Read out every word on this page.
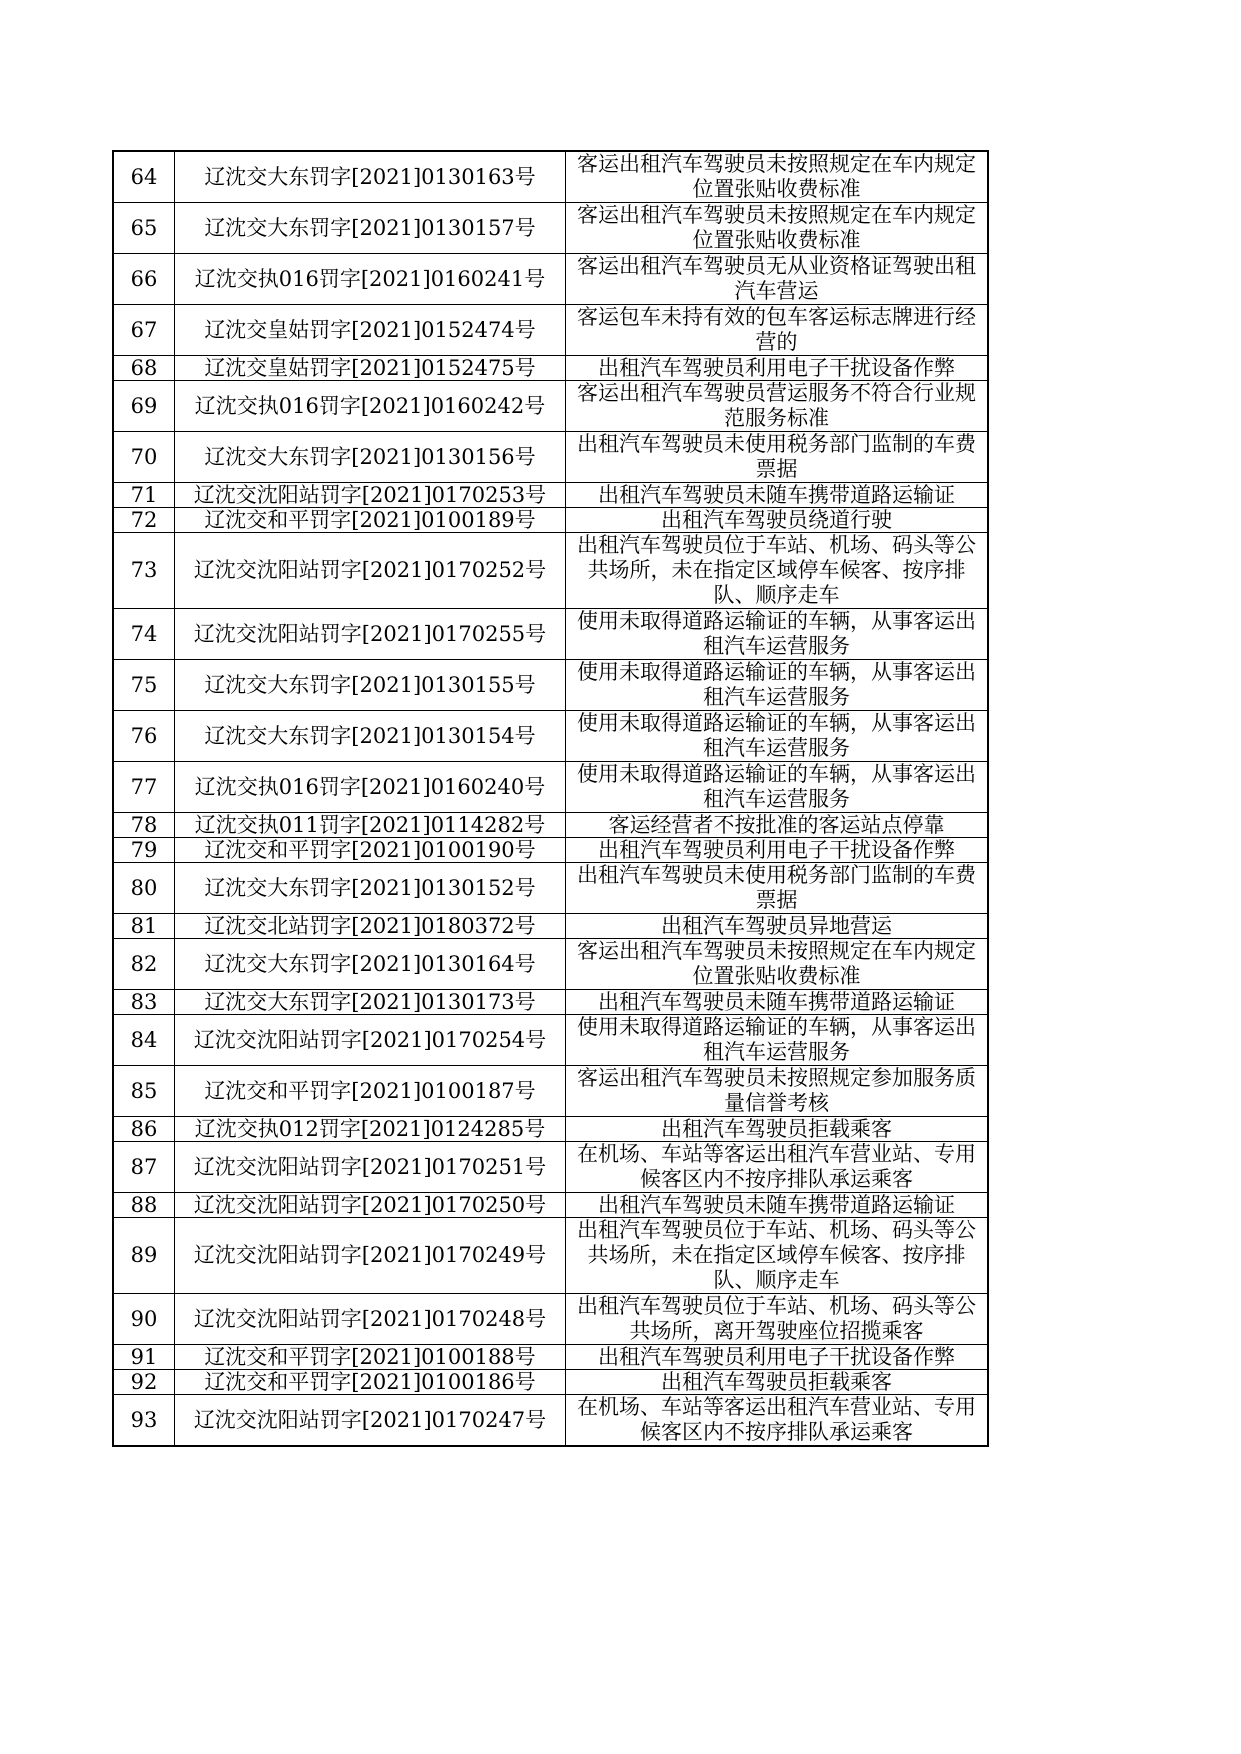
64	辽沈交大东罚字[2021]0130163号	客运出租汽车驾驶员未按照规定在车内规定位置张贴收费标准
65	辽沈交大东罚字[2021]0130157号	客运出租汽车驾驶员未按照规定在车内规定位置张贴收费标准
66	辽沈交执016罚字[2021]0160241号	客运出租汽车驾驶员无从业资格证驾驶出租汽车营运
67	辽沈交皇姑罚字[2021]0152474号	客运包车未持有效的包车客运标志牌进行经营的
68	辽沈交皇姑罚字[2021]0152475号	出租汽车驾驶员利用电子干扰设备作弊
69	辽沈交执016罚字[2021]0160242号	客运出租汽车驾驶员营运服务不符合行业规范服务标准
70	辽沈交大东罚字[2021]0130156号	出租汽车驾驶员未使用税务部门监制的车费票据
71	辽沈交沈阳站罚字[2021]0170253号	出租汽车驾驶员未随车携带道路运输证
72	辽沈交和平罚字[2021]0100189号	出租汽车驾驶员绕道行驶
73	辽沈交沈阳站罚字[2021]0170252号	出租汽车驾驶员位于车站、机场、码头等公共场所，未在指定区域停车候客、按序排队、顺序走车
74	辽沈交沈阳站罚字[2021]0170255号	使用未取得道路运输证的车辆，从事客运出租汽车运营服务
75	辽沈交大东罚字[2021]0130155号	使用未取得道路运输证的车辆，从事客运出租汽车运营服务
76	辽沈交大东罚字[2021]0130154号	使用未取得道路运输证的车辆，从事客运出租汽车运营服务
77	辽沈交执016罚字[2021]0160240号	使用未取得道路运输证的车辆，从事客运出租汽车运营服务
78	辽沈交执011罚字[2021]0114282号	客运经营者不按批准的客运站点停靠
79	辽沈交和平罚字[2021]0100190号	出租汽车驾驶员利用电子干扰设备作弊
80	辽沈交大东罚字[2021]0130152号	出租汽车驾驶员未使用税务部门监制的车费票据
81	辽沈交北站罚字[2021]0180372号	出租汽车驾驶员异地营运
82	辽沈交大东罚字[2021]0130164号	客运出租汽车驾驶员未按照规定在车内规定位置张贴收费标准
83	辽沈交大东罚字[2021]0130173号	出租汽车驾驶员未随车携带道路运输证
84	辽沈交沈阳站罚字[2021]0170254号	使用未取得道路运输证的车辆，从事客运出租汽车运营服务
85	辽沈交和平罚字[2021]0100187号	客运出租汽车驾驶员未按照规定参加服务质量信誉考核
86	辽沈交执012罚字[2021]0124285号	出租汽车驾驶员拒载乘客
87	辽沈交沈阳站罚字[2021]0170251号	在机场、车站等客运出租汽车营业站、专用候客区内不按序排队承运乘客
88	辽沈交沈阳站罚字[2021]0170250号	出租汽车驾驶员未随车携带道路运输证
89	辽沈交沈阳站罚字[2021]0170249号	出租汽车驾驶员位于车站、机场、码头等公共场所，未在指定区域停车候客、按序排队、顺序走车
90	辽沈交沈阳站罚字[2021]0170248号	出租汽车驾驶员位于车站、机场、码头等公共场所，离开驾驶座位招揽乘客
91	辽沈交和平罚字[2021]0100188号	出租汽车驾驶员利用电子干扰设备作弊
92	辽沈交和平罚字[2021]0100186号	出租汽车驾驶员拒载乘客
93	辽沈交沈阳站罚字[2021]0170247号	在机场、车站等客运出租汽车营业站、专用候客区内不按序排队承运乘客
